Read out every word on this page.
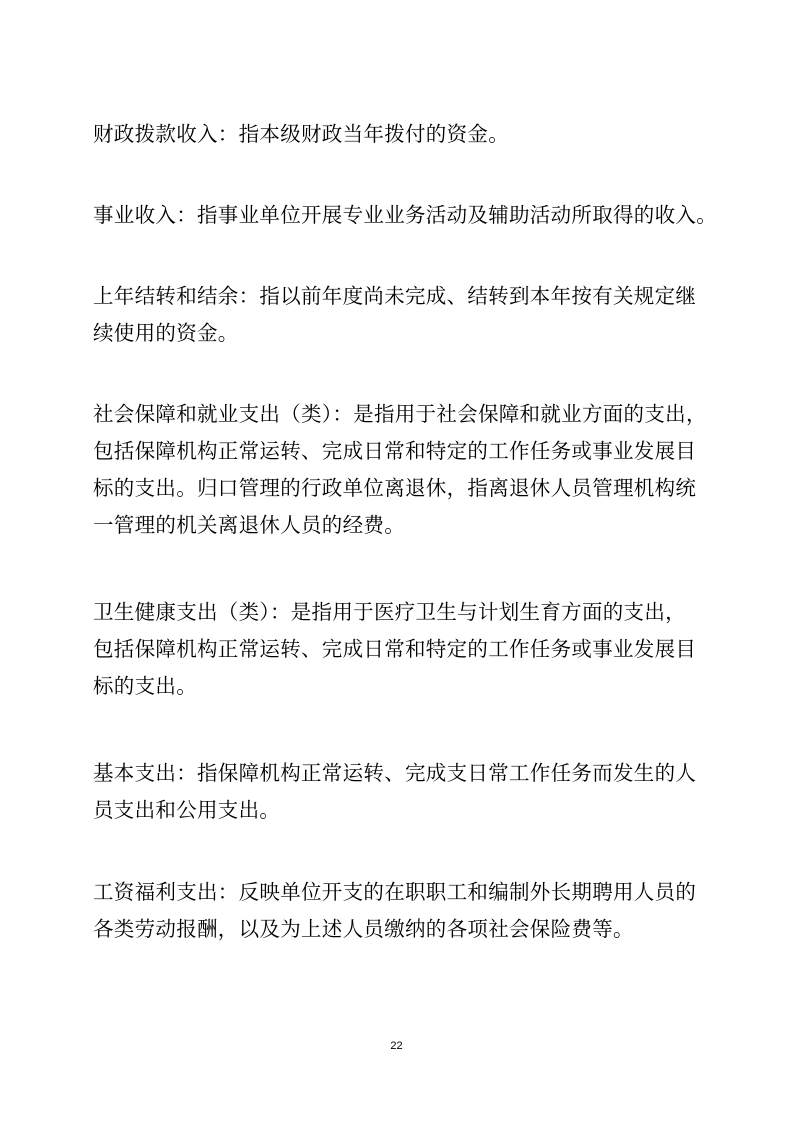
财政拨款收入：指本级财政当年拨付的资金。

事业收入：指事业单位开展专业业务活动及辅助活动所取得的收入。

上年结转和结余：指以前年度尚未完成、结转到本年按有关规定继
续使用的资金。

社会保障和就业支出（类）：是指用于社会保障和就业方面的支出，
包括保障机构正常运转、完成日常和特定的工作任务或事业发展目
标的支出。归口管理的行政单位离退休，指离退休人员管理机构统
一管理的机关离退休人员的经费。

卫生健康支出（类）：是指用于医疗卫生与计划生育方面的支出，
包括保障机构正常运转、完成日常和特定的工作任务或事业发展目
标的支出。

基本支出：指保障机构正常运转、完成支日常工作任务而发生的人
员支出和公用支出。

工资福利支出：反映单位开支的在职职工和编制外长期聘用人员的
各类劳动报酬，以及为上述人员缴纳的各项社会保险费等。

22
